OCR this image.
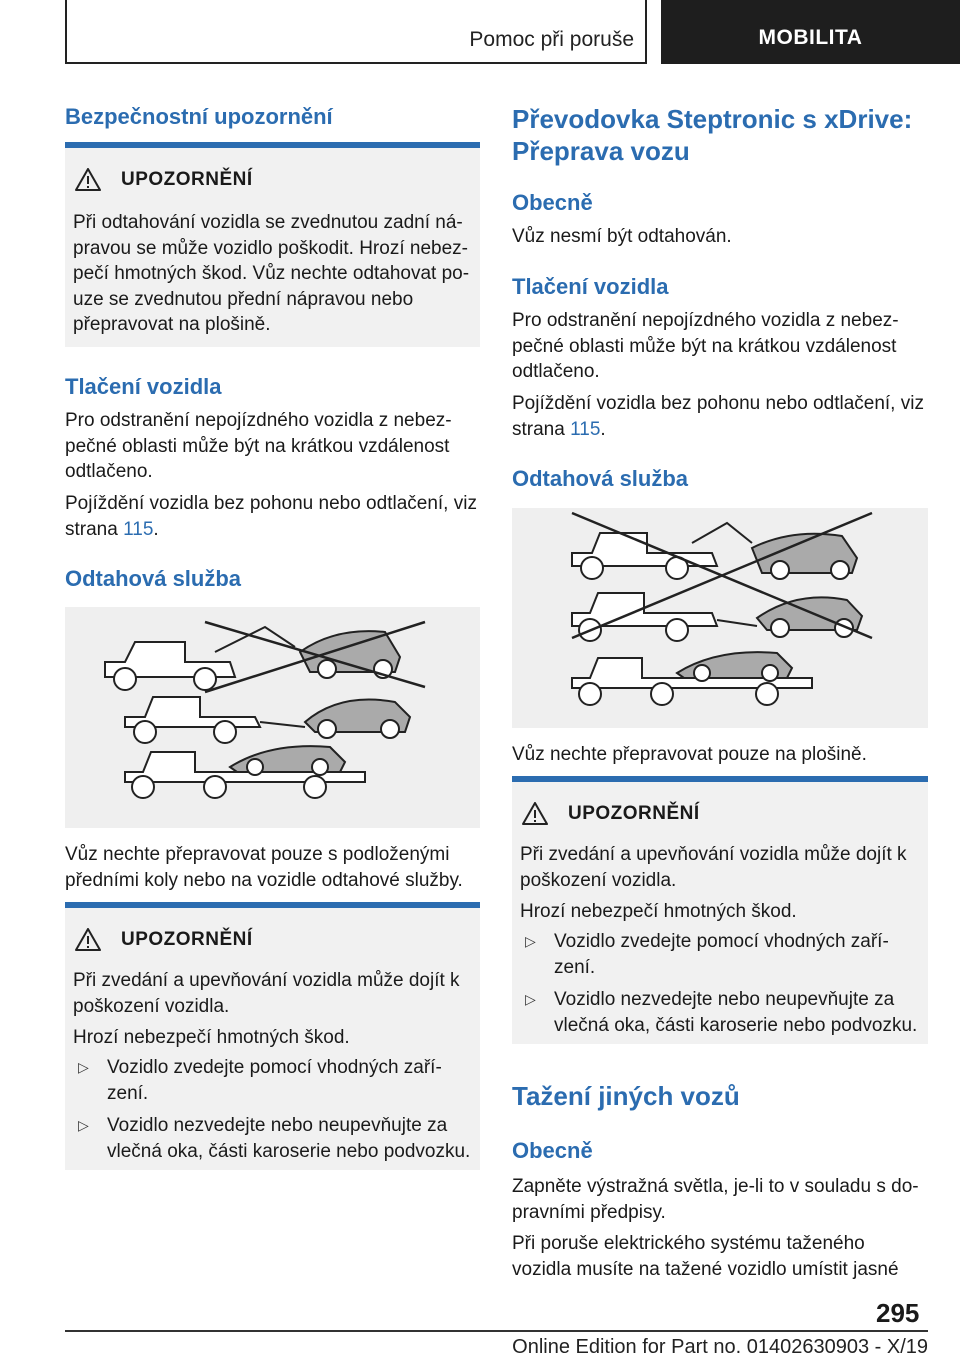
Pomoc při poruše	MOBILITA
Bezpečnostní upozornění
UPOZORNĚNÍ

Při odtahování vozidla se zvednutou zadní ná-

pravou se může vozidlo poškodit. Hrozí nebez-

pečí hmotných škod. Vůz nechte odtahovat po-

uze se zvednutou přední nápravou nebo

přepravovat na plošině.

Tlačení vozidla

Pro odstranění nepojízdného vozidla z nebez-

pečné oblasti může být na krátkou vzdálenost

odtlačeno.

Pojíždění vozidla bez pohonu nebo odtlačení, viz

strana 115.

Odtahová služba

Vůz nechte přepravovat pouze s podloženými

předními koly nebo na vozidle odtahové služby.

UPOZORNĚNÍ

Při zvedání a upevňování vozidla může dojít k

poškození vozidla.

Hrozí nebezpečí hmotných škod.

▷ Vozidlo zvedejte pomocí vhodných zaří-
zení.
▷ Vozidlo nezvedejte nebo neupevňujte za
vlečná oka, části karoserie nebo podvozku.
Převodovka Steptronic s xDrive:
Přeprava vozu
Obecně

Vůz nesmí být odtahován.

Tlačení vozidla

Pro odstranění nepojízdného vozidla z nebez-

pečné oblasti může být na krátkou vzdálenost

odtlačeno.

Pojíždění vozidla bez pohonu nebo odtlačení, viz

strana 115.

Odtahová služba

Vůz nechte přepravovat pouze na plošině.

UPOZORNĚNÍ

Při zvedání a upevňování vozidla může dojít k

poškození vozidla.

Hrozí nebezpečí hmotných škod.

▷ Vozidlo zvedejte pomocí vhodných zaří-
zení.
▷ Vozidlo nezvedejte nebo neupevňujte za
vlečná oka, části karoserie nebo podvozku.
Tažení jiných vozů
Obecně

Zapněte výstražná světla, je-li to v souladu s do-

pravními předpisy.

Při poruše elektrického systému taženého

vozidla musíte na tažené vozidlo umístit jasné

295
Online Edition for Part no. 01402630903 - X/19
